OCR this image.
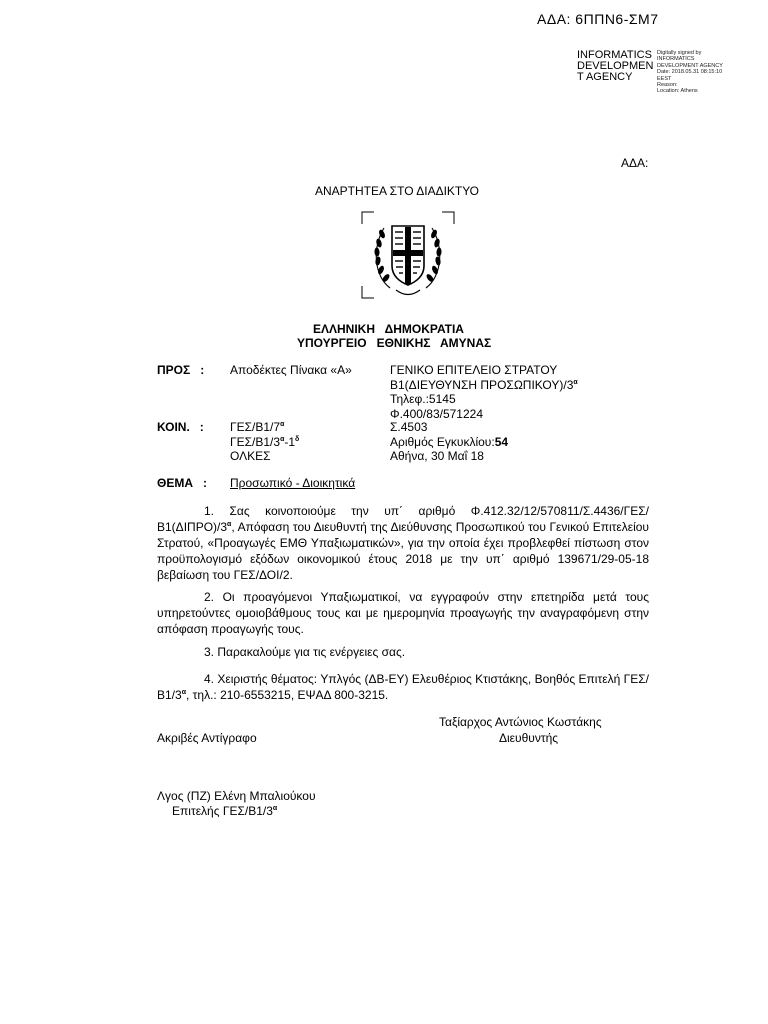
ΑΔΑ: 6ΠΠΝ6-ΣΜ7
INFORMATICS
DEVELOPMEN
T AGENCY
Digitally signed by
INFORMATICS
DEVELOPMENT AGENCY
Date: 2018.05.31 08:15:10
EEST
Reason:
Location: Athens
ΑΔΑ:
ΑΝΑΡΤΗΤΕΑ ΣΤΟ ΔΙΑΔΙΚΤΥΟ
ΕΛΛΗΝΙΚΗ   ΔΗΜΟΚΡΑΤΙΑ
ΥΠΟΥΡΓΕΙΟ   ΕΘΝΙΚΗΣ   ΑΜΥΝΑΣ
ΠΡΟΣ   : Αποδέκτες Πίνακα «Α»	ΓΕΝΙΚΟ ΕΠΙΤΕΛΕΙΟ ΣΤΡΑΤΟΥ
Β1(ΔΙΕΥΘΥΝΣΗ $\Pi PO\Sigma\Omega\Pi IKO\Upsilon)/3^\alpha$
Τηλεφ.:5145
Φ.400/83/571224
ΚΟΙΝ.   : ΓΕΣ/$B1/7^\alpha$
ΓΕΣ/$B1/3^\alpha-1^\delta$
ΟΛΚΕΣ
Σ.4503
Αριθμός Εγκυκλίου:54
Αθήνα, 30 Μαΐ 18
ΘΕΜΑ   : Προσωπικό - Διοικητικά
1. Σας κοινοποιούμε την υπ΄ αριθμό Φ.412.32/12/570811/Σ.4436/ΓΕΣ/ $B1(\Delta I\Pi PO)/3^\alpha$, Απόφαση του Διευθυντή της Διεύθυνσης Προσωπικού του Γενικού Επιτελείου Στρατού, «Προαγωγές ΕΜΘ Υπαξιωματικών», για την οποία έχει προβλεφθεί πίστωση στον προϋπολογισμό εξόδων οικονομικού έτους 2018 με την υπ΄ αριθμό 139671/29-05-18 βεβαίωση του ΓΕΣ/ΔΟΙ/2.
2. Οι προαγόμενοι Υπαξιωματικοί, να εγγραφούν στην επετηρίδα μετά τους υπηρετούντες ομοιοβάθμους τους και με ημερομηνία προαγωγής την αναγραφόμενη στην απόφαση προαγωγής τους.
3. Παρακαλούμε για τις ενέργειες σας.
4. Χειριστής θέματος: Υπλγός (ΔΒ-ΕΥ) Ελευθέριος Κτιστάκης, Βοηθός Επιτελή ΓΕΣ/$B1/3^\alpha$, τηλ.: 210-6553215, ΕΨΑΔ 800-3215.
Ταξίαρχος Αντώνιος Κωστάκης
Διευθυντής
Ακριβές Αντίγραφο
Λγος (ΠΖ) Ελένη Μπαλιούκου
Επιτελής ΓΕΣ/$B1/3^\alpha$
